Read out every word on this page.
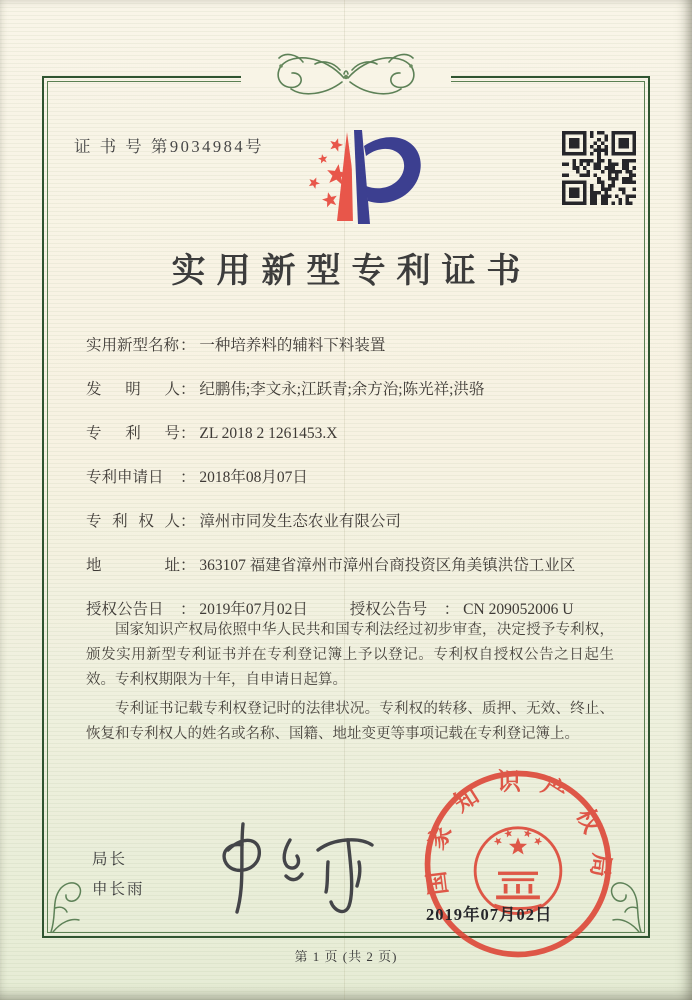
证 书 号 第9034984号
实用新型专利证书
实用新型名称： 一种培养料的辅料下料装置
发明人： 纪鹏伟;李文永;江跃青;余方治;陈光祥;洪骆
专利号： ZL 2018 2 1261453.X
专利申请日 ： 2018年08月07日
专利权人： 漳州市同发生态农业有限公司
地址： 363107 福建省漳州市漳州台商投资区角美镇洪岱工业区
授权公告日 ： 2019年07月02日	授权公告号 ： CN 209052006 U

国家知识产权局依照中华人民共和国专利法经过初步审查，决定授予专利权，颁发实用新型专利证书并在专利登记簿上予以登记。专利权自授权公告之日起生效。专利权期限为十年，自申请日起算。

专利证书记载专利权登记时的法律状况。专利权的转移、质押、无效、终止、恢复和专利权人的姓名或名称、国籍、地址变更等事项记载在专利登记簿上。

局长
申长雨	国家知识产权局
2019年07月02日
第 1 页 (共 2 页)
